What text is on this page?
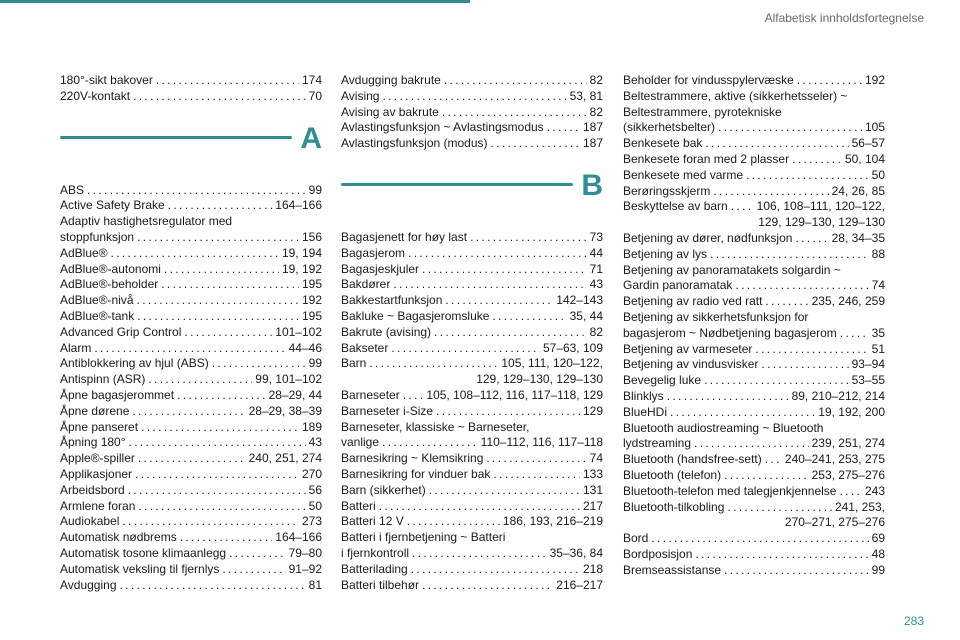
Alfabetisk innholdsfortegnelse
180°-sikt bakover . . .	174
220V-kontakt . . .	70
A
ABS . . .	99
Active Safety Brake . . .	164–166
Adaptiv hastighetsregulator med
stoppfunksjon . . .	156
AdBlue® . . .	19, 194
AdBlue®-autonomi . . .	19, 192
AdBlue®-beholder . . .	195
AdBlue®-nivå . . .	192
AdBlue®-tank . . .	195
Advanced Grip Control . . .	101–102
Alarm . . .	44–46
Antiblokkering av hjul (ABS) . . .	99
Antispinn (ASR) . . .	99, 101–102
Åpne bagasjerommet . . .	28–29, 44
Åpne dørene . . .	28–29, 38–39
Åpne panseret . . .	189
Åpning 180° . . .	43
Apple®-spiller . . .	240, 251, 274
Applikasjoner . . .	270
Arbeidsbord . . .	56
Armlene foran . . .	50
Audiokabel . . .	273
Automatisk nødbrems . . .	164–166
Automatisk tosone klimaanlegg . . .	79–80
Automatisk veksling til fjernlys . . .	91–92
Avdugging . . .	81
Avdugging bakrute . . .	82
Avising . . .	53, 81
Avising av bakrute . . .	82
Avlastingsfunksjon ~ Avlastingsmodus . . .	187
Avlastingsfunksjon (modus) . . .	187
B
Bagasjenett for høy last . . .	73
Bagasjerom . . .	44
Bagasjeskjuler . . .	71
Bakdører . . .	43
Bakkestartfunksjon . . .	142–143
Bakluke ~ Bagasjeromsluke . . .	35, 44
Bakrute (avising) . . .	82
Bakseter . . .	57–63, 109
Barn . . .	105, 111, 120–122,
129, 129–130, 129–130
Barneseter . . . 105, 108–112, 116, 117–118, 129
Barneseter i-Size . . .	129
Barneseter, klassiske ~ Barneseter,
vanlige . . .	110–112, 116, 117–118
Barnesikring ~ Klemsikring . . .	74
Barnesikring for vinduer bak . . .	133
Barn (sikkerhet) . . .	131
Batteri . . .	217
Batteri 12 V . . .	186, 193, 216–219
Batteri i fjernbetjening ~ Batteri
i fjernkontroll . . .	35–36, 84
Batterilading . . .	218
Batteri tilbehør . . .	216–217
Beholder for vindusspylervæske . . .	192
Beltestrammere, aktive (sikkerhetsseler) ~
Beltestrammere, pyrotekniske
(sikkerhetsbelter) . . .	105
Benkesete bak . . .	56–57
Benkesete foran med 2 plasser . . .	50, 104
Benkesete med varme . . .	50
Berøringsskjerm . . .	24, 26, 85
Beskyttelse av barn . . . 106, 108–111, 120–122,
129, 129–130, 129–130
Betjening av dører, nødfunksjon . . .	28, 34–35
Betjening av lys . . .	88
Betjening av panoramatakets solgardin ~
Gardin panoramatak . . .	74
Betjening av radio ved ratt . . .	235, 246, 259
Betjening av sikkerhetsfunksjon for
bagasjerom ~ Nødbetjening bagasjerom . . .	35
Betjening av varmeseter . . .	51
Betjening av vindusvisker . . .	93–94
Bevegelig luke . . .	53–55
Blinklys . . .	89, 210–212, 214
BlueHDi . . .	19, 192, 200
Bluetooth audiostreaming ~ Bluetooth
lydstreaming . . .	239, 251, 274
Bluetooth (handsfree-sett) . . . 240–241, 253, 275
Bluetooth (telefon) . . .	253, 275–276
Bluetooth-telefon med talegjenkjennelse . . . 243
Bluetooth-tilkobling . . .	241, 253,
270–271, 275–276
Bord . . .	69
Bordposisjon . . .	48
Bremseassistanse . . .	99
283
